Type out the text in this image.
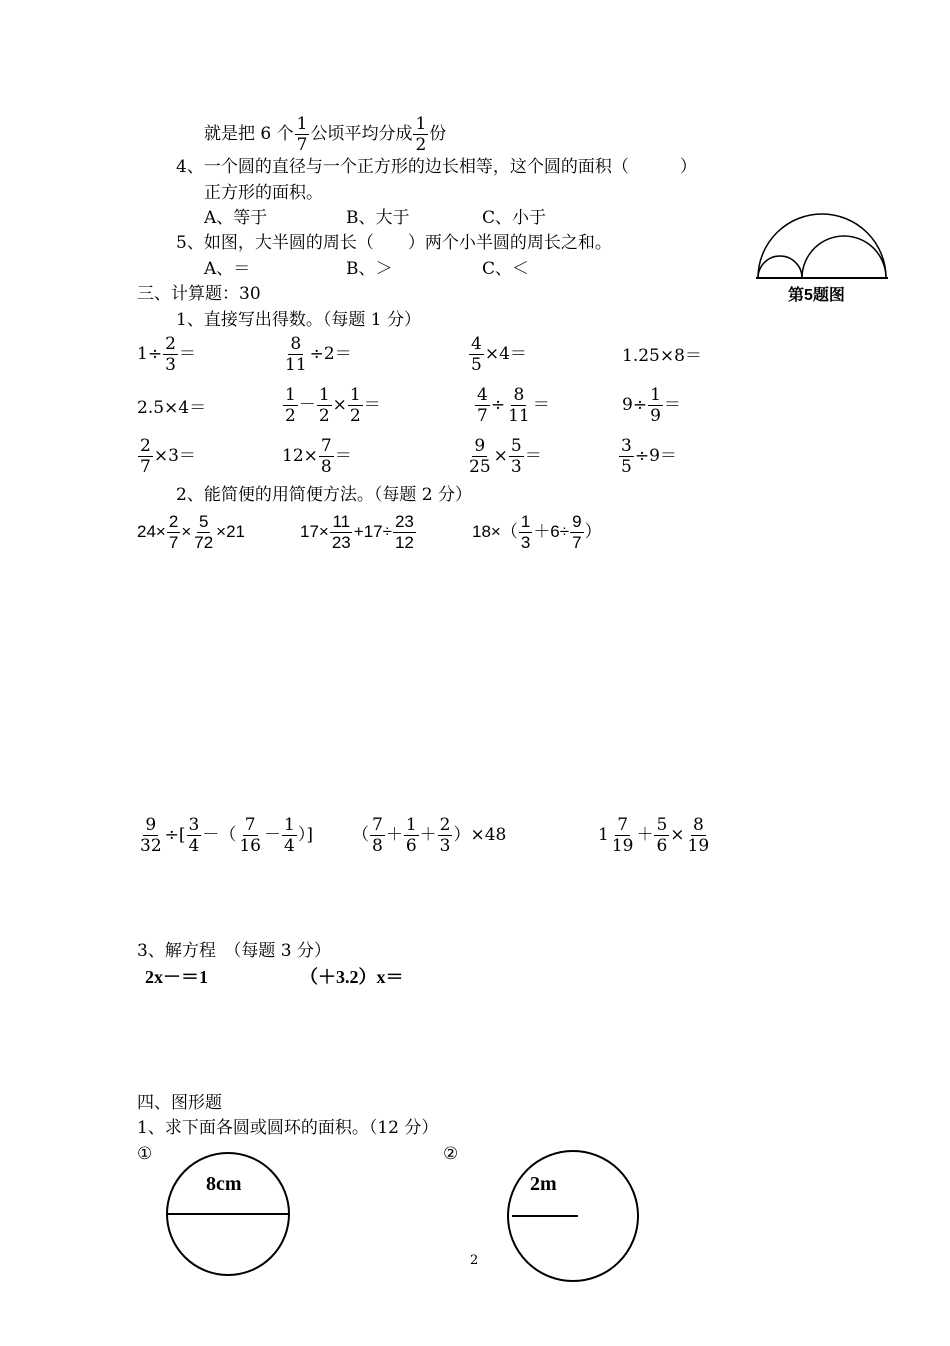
就是把 6 个 $\frac{1}{7}$ 公顷平均分成 $\frac{1}{2}$ 份
4、一个圆的直径与一个正方形的边长相等，这个圆的面积（　　　）
正方形的面积。
A、等于	B、大于	C、小于
5、如图，大半圆的周长（　　）两个小半圆的周长之和。
A、＝	B、＞	C、＜
第5题图
三、计算题：30
1、直接写出得数。（每题 1 分）
$1\div \frac{2}{3}$ ＝	$\frac{8}{11} \div 2=$	$\frac{4}{5} \times 4=$	1.25×8＝
2.5×4＝	$\frac{1}{2} - \frac{1}{2} \times \frac{1}{2}$ ＝	$\frac{4}{7} \div \frac{8}{11}$ ＝	$9\div \frac{1}{9}$ ＝
$\frac{2}{7} \times 3=$	$12\times \frac{7}{8}$ ＝	$\frac{9}{25} \times \frac{5}{3}$ ＝	$\frac{3}{5} \div 9=$
2、能简便的用简便方法。（每题 2 分）
$24\times \frac{2}{7} \times \frac{5}{72} \times 21$	$17\times \frac{11}{23} +17\div \frac{23}{12}$	$18\times( \frac{1}{3} +6\div \frac{9}{7}$ ）
$\frac{9}{32}$ ÷[ $\frac{3}{4}$ －（ $\frac{7}{16} - \frac{1}{4}$ ）] （ $\frac{7}{8} + \frac{1}{6} + \frac{2}{3} )\times 48$	$1 \frac{7}{19} + \frac{5}{6} \times \frac{8}{19}$
3、解方程　（每题 3 分）
2x－＝1	（＋3.2）x＝
四、图形题
1、求下面各圆或圆环的面积。（12 分）
①	②
8cm	2m
2
